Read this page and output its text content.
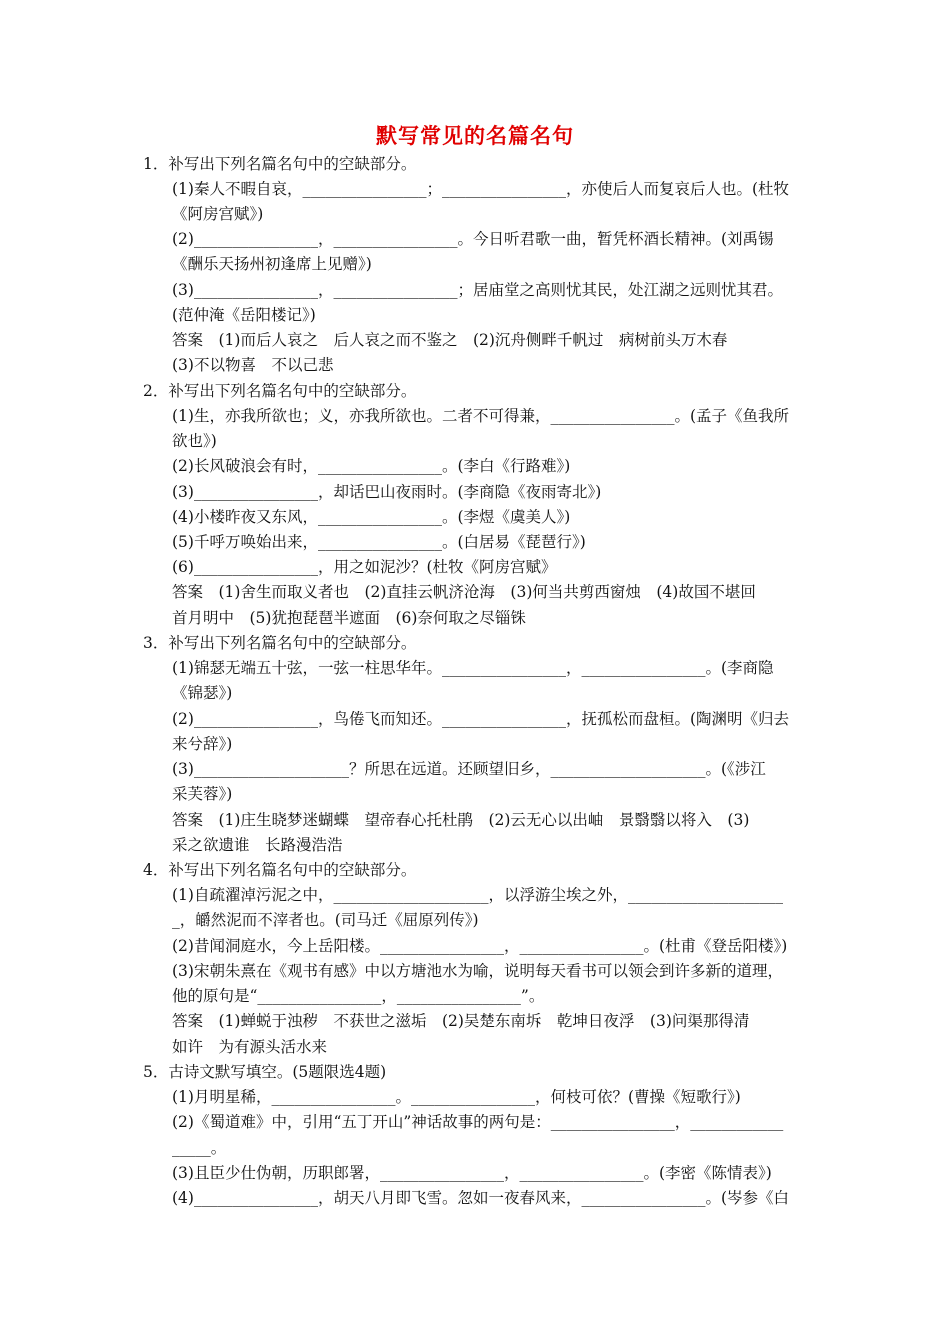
默写常见的名篇名句
1．补写出下列名篇名句中的空缺部分。
(1)秦人不暇自哀，________________；________________，亦使后人而复哀后人也。(杜牧
《阿房宫赋》)
(2)________________，________________。今日听君歌一曲，暂凭杯酒长精神。(刘禹锡
《酬乐天扬州初逢席上见赠》)
(3)________________，________________；居庙堂之高则忧其民，处江湖之远则忧其君。
(范仲淹《岳阳楼记》)
答案　(1)而后人哀之　后人哀之而不鉴之　(2)沉舟侧畔千帆过　病树前头万木春
(3)不以物喜　不以己悲
2．补写出下列名篇名句中的空缺部分。
(1)生，亦我所欲也；义，亦我所欲也。二者不可得兼，________________。(孟子《鱼我所
欲也》)
(2)长风破浪会有时，________________。(李白《行路难》)
(3)________________，却话巴山夜雨时。(李商隐《夜雨寄北》)
(4)小楼昨夜又东风，________________。(李煜《虞美人》)
(5)千呼万唤始出来，________________。(白居易《琵琶行》)
(6)________________，用之如泥沙？(杜牧《阿房宫赋》
答案　(1)舍生而取义者也　(2)直挂云帆济沧海　(3)何当共剪西窗烛　(4)故国不堪回
首月明中　(5)犹抱琵琶半遮面　(6)奈何取之尽锱铢
3．补写出下列名篇名句中的空缺部分。
(1)锦瑟无端五十弦，一弦一柱思华年。________________，________________。(李商隐
《锦瑟》)
(2)________________，鸟倦飞而知还。________________，抚孤松而盘桓。(陶渊明《归去
来兮辞》)
(3)____________________？所思在远道。还顾望旧乡，____________________。(《涉江
采芙蓉》)
答案　(1)庄生晓梦迷蝴蝶　望帝春心托杜鹃　(2)云无心以出岫　景翳翳以将入　(3)
采之欲遗谁　长路漫浩浩
4．补写出下列名篇名句中的空缺部分。
(1)自疏濯淖污泥之中，____________________，以浮游尘埃之外，____________________
_，皭然泥而不滓者也。(司马迁《屈原列传》)
(2)昔闻洞庭水，今上岳阳楼。________________，________________。(杜甫《登岳阳楼》)
(3)宋朝朱熹在《观书有感》中以方塘池水为喻，说明每天看书可以领会到许多新的道理，
他的原句是“________________，________________”。
答案　(1)蝉蜕于浊秽　不获世之滋垢　(2)吴楚东南坼　乾坤日夜浮　(3)问渠那得清
如许　为有源头活水来
5．古诗文默写填空。(5题限选4题)
(1)月明星稀，________________。________________，何枝可依？(曹操《短歌行》)
(2)《蜀道难》中，引用“五丁开山”神话故事的两句是：________________，____________
_____。
(3)且臣少仕伪朝，历职郎署，________________，________________。(李密《陈情表》)
(4)________________，胡天八月即飞雪。忽如一夜春风来，________________。(岑参《白
